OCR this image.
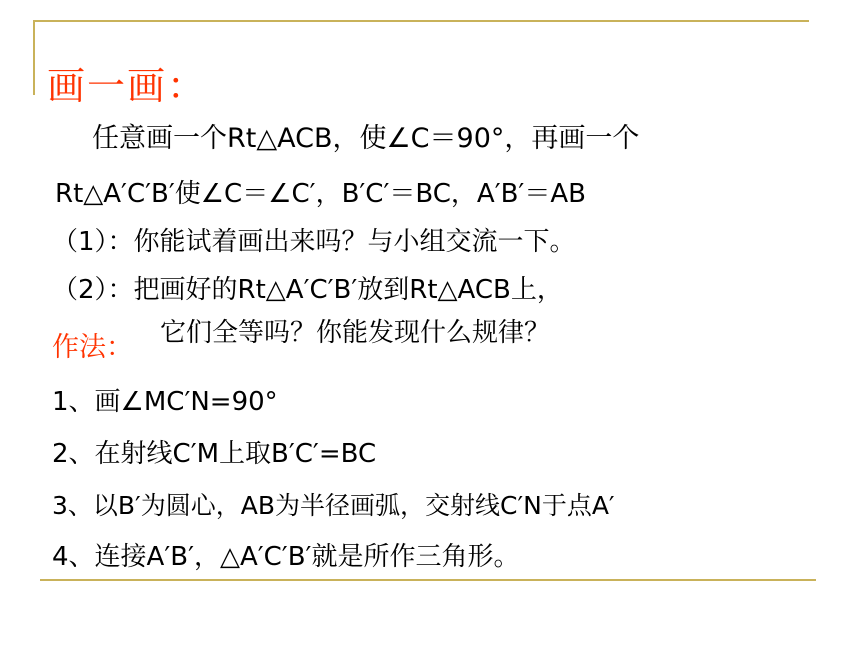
画一画：
任意画一个Rt△ACB，使∠C＝90°，再画一个
Rt△A′C′B′使∠C＝∠C′，B′C′＝BC，A′B′＝AB
（1）：你能试着画出来吗？与小组交流一下。
（2）：把画好的Rt△A′C′B′放到Rt△ACB上，
它们全等吗？你能发现什么规律？
作法：
1、画∠MC′N=90°
2、在射线C′M上取B′C′=BC
3、以B′为圆心，AB为半径画弧，交射线C′N于点A′
4、连接A′B′，△A′C′B′就是所作三角形。
